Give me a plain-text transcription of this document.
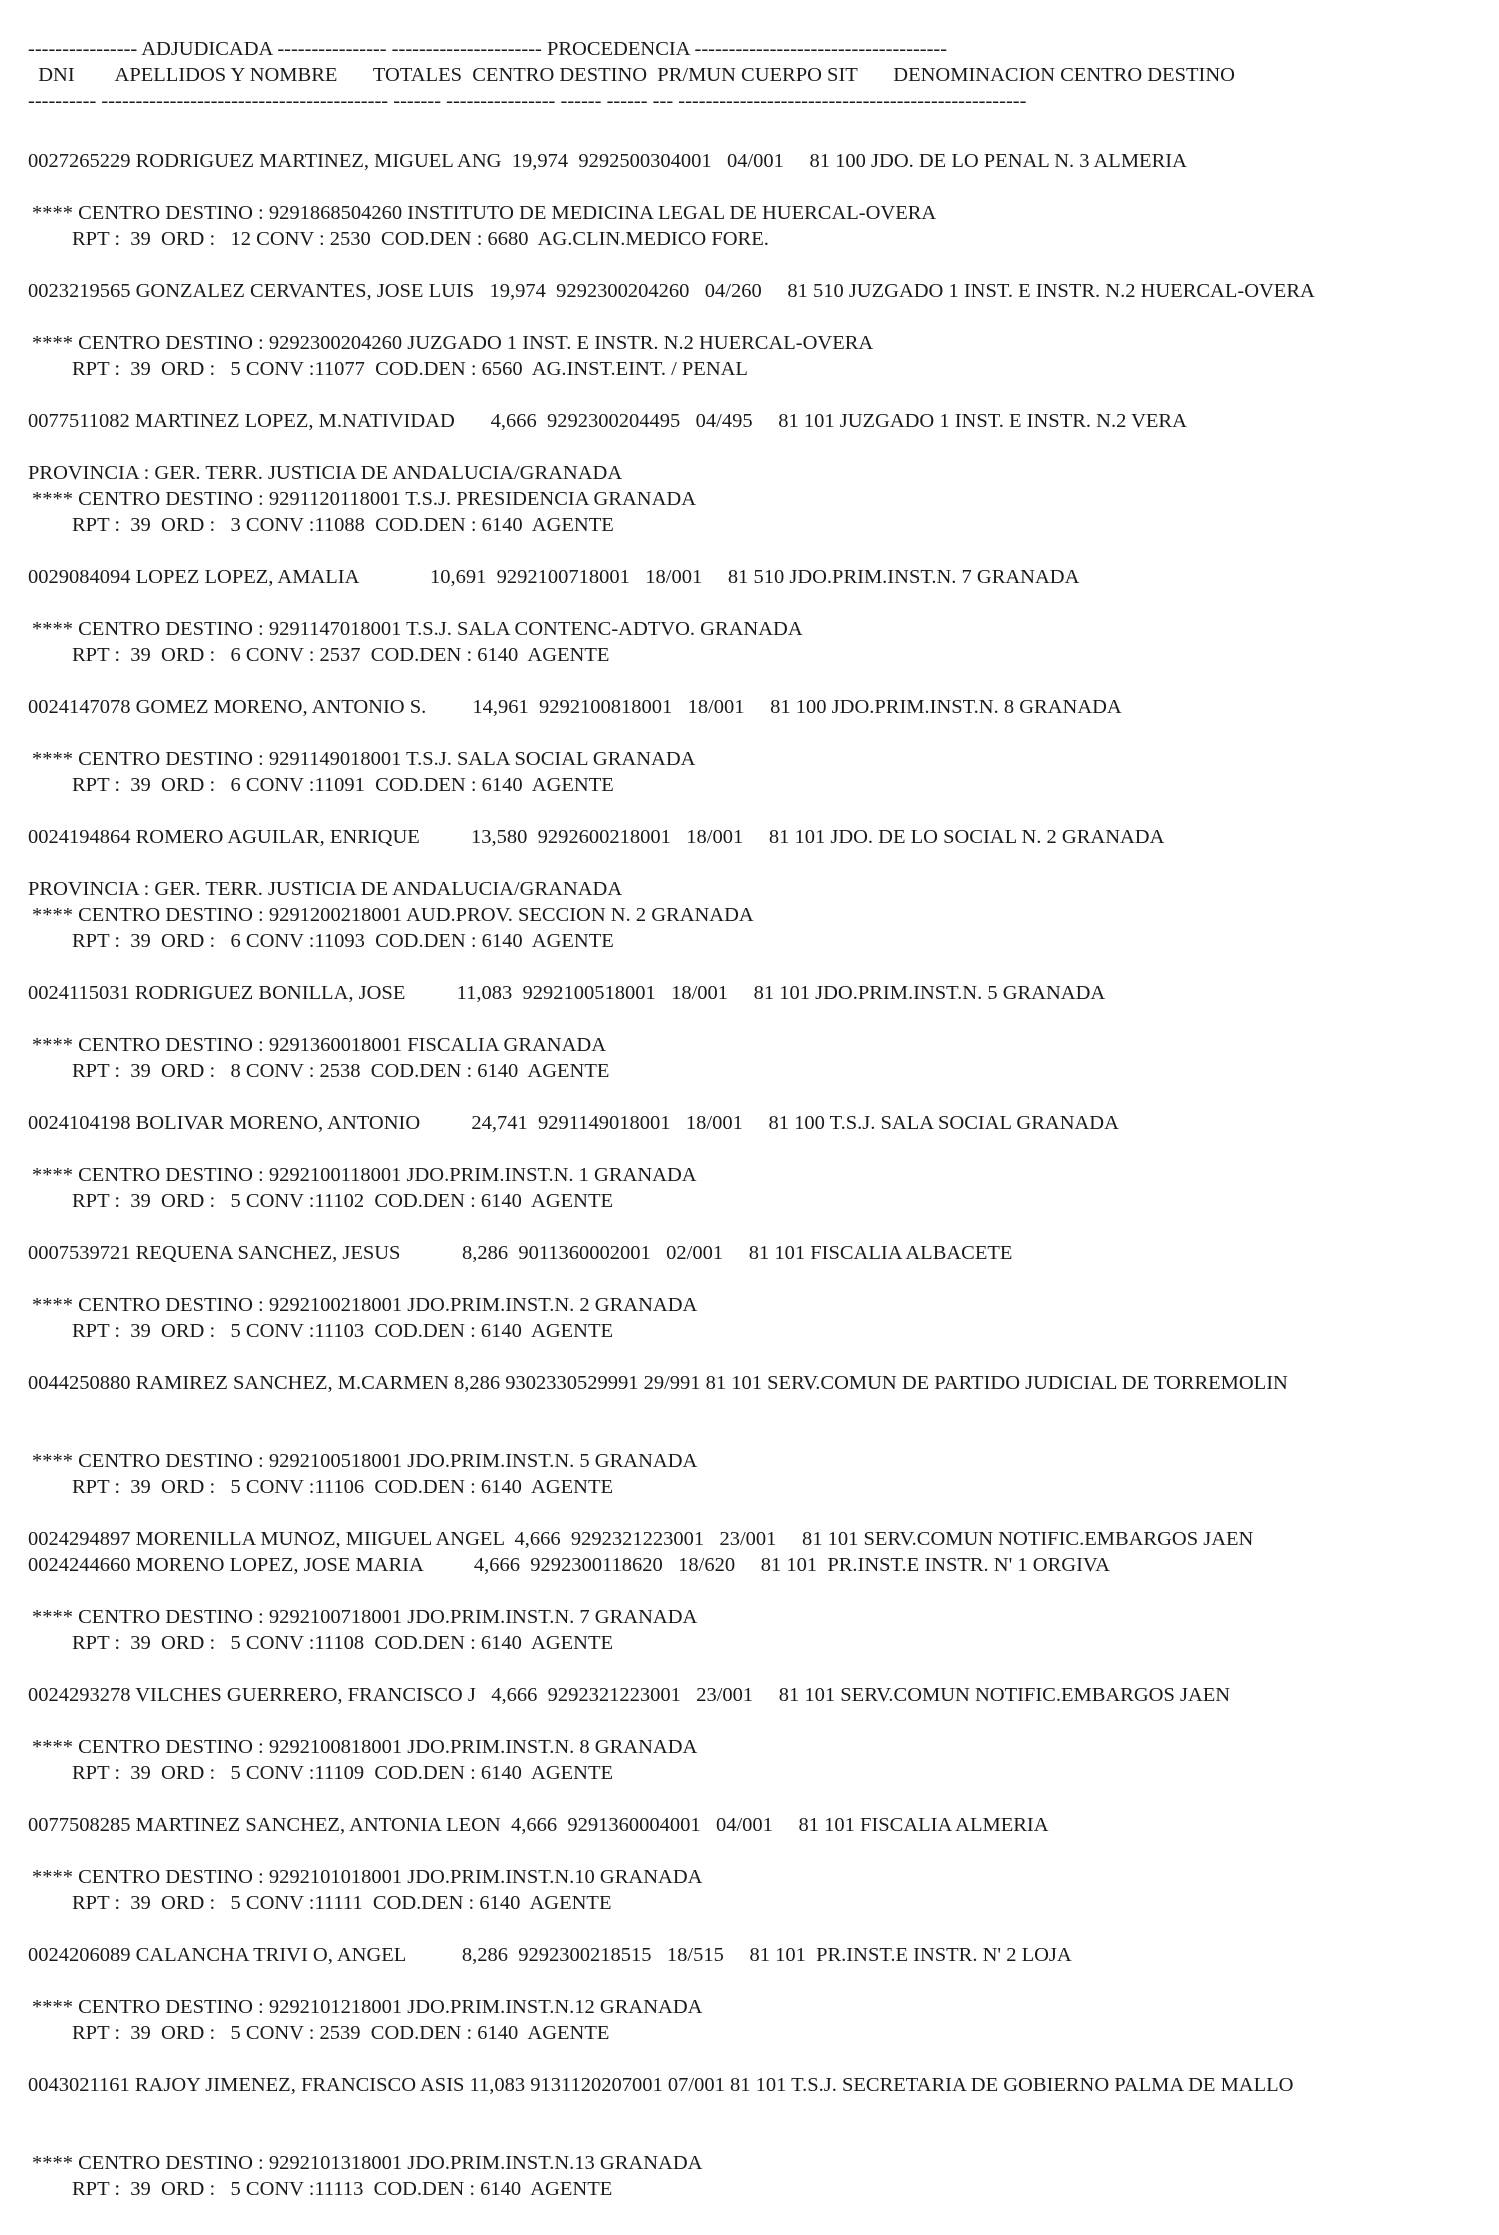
---------------- ADJUDICADA ---------------- ---------------------- PROCEDENCIA -------------------------------------
DNI        APELLIDOS Y NOMBRE       TOTALES  CENTRO DESTINO  PR/MUN CUERPO SIT       DENOMINACION CENTRO DESTINO
---------- ------------------------------------------ ------- ---------------- ------ ------ --- ---------------------------------------------------
0027265229 RODRIGUEZ MARTINEZ, MIGUEL ANG  19,974  9292500304001   04/001     81 100 JDO. DE LO PENAL N. 3 ALMERIA
**** CENTRO DESTINO : 9291868504260 INSTITUTO DE MEDICINA LEGAL DE HUERCAL-OVERA
RPT :  39  ORD :   12 CONV : 2530  COD.DEN : 6680  AG.CLIN.MEDICO FORE.
0023219565 GONZALEZ CERVANTES, JOSE LUIS   19,974  9292300204260   04/260     81 510 JUZGADO 1 INST. E INSTR. N.2 HUERCAL-OVERA
**** CENTRO DESTINO : 9292300204260 JUZGADO 1 INST. E INSTR. N.2 HUERCAL-OVERA
RPT :  39  ORD :   5 CONV :11077  COD.DEN : 6560  AG.INST.EINT. / PENAL
0077511082 MARTINEZ LOPEZ, M.NATIVIDAD       4,666  9292300204495   04/495     81 101 JUZGADO 1 INST. E INSTR. N.2 VERA
PROVINCIA : GER. TERR. JUSTICIA DE ANDALUCIA/GRANADA
**** CENTRO DESTINO : 9291120118001 T.S.J. PRESIDENCIA GRANADA
RPT :  39  ORD :   3 CONV :11088  COD.DEN : 6140  AGENTE
0029084094 LOPEZ LOPEZ, AMALIA              10,691  9292100718001   18/001     81 510 JDO.PRIM.INST.N. 7 GRANADA
**** CENTRO DESTINO : 9291147018001 T.S.J. SALA CONTENC-ADTVO. GRANADA
RPT :  39  ORD :   6 CONV : 2537  COD.DEN : 6140  AGENTE
0024147078 GOMEZ MORENO, ANTONIO S.         14,961  9292100818001   18/001     81 100 JDO.PRIM.INST.N. 8 GRANADA
**** CENTRO DESTINO : 9291149018001 T.S.J. SALA SOCIAL GRANADA
RPT :  39  ORD :   6 CONV :11091  COD.DEN : 6140  AGENTE
0024194864 ROMERO AGUILAR, ENRIQUE          13,580  9292600218001   18/001     81 101 JDO. DE LO SOCIAL N. 2 GRANADA
PROVINCIA : GER. TERR. JUSTICIA DE ANDALUCIA/GRANADA
**** CENTRO DESTINO : 9291200218001 AUD.PROV. SECCION N. 2 GRANADA
RPT :  39  ORD :   6 CONV :11093  COD.DEN : 6140  AGENTE
0024115031 RODRIGUEZ BONILLA, JOSE          11,083  9292100518001   18/001     81 101 JDO.PRIM.INST.N. 5 GRANADA
**** CENTRO DESTINO : 9291360018001 FISCALIA GRANADA
RPT :  39  ORD :   8 CONV : 2538  COD.DEN : 6140  AGENTE
0024104198 BOLIVAR MORENO, ANTONIO          24,741  9291149018001   18/001     81 100 T.S.J. SALA SOCIAL GRANADA
**** CENTRO DESTINO : 9292100118001 JDO.PRIM.INST.N. 1 GRANADA
RPT :  39  ORD :   5 CONV :11102  COD.DEN : 6140  AGENTE
0007539721 REQUENA SANCHEZ, JESUS            8,286  9011360002001   02/001     81 101 FISCALIA ALBACETE
**** CENTRO DESTINO : 9292100218001 JDO.PRIM.INST.N. 2 GRANADA
RPT :  39  ORD :   5 CONV :11103  COD.DEN : 6140  AGENTE
0044250880 RAMIREZ SANCHEZ, M.CARMEN 8,286 9302330529991 29/991 81 101 SERV.COMUN DE PARTIDO JUDICIAL DE TORREMOLIN
**** CENTRO DESTINO : 9292100518001 JDO.PRIM.INST.N. 5 GRANADA
RPT :  39  ORD :   5 CONV :11106  COD.DEN : 6140  AGENTE
0024294897 MORENILLA MUNOZ, MIIGUEL ANGEL  4,666  9292321223001   23/001     81 101 SERV.COMUN NOTIFIC.EMBARGOS JAEN
0024244660 MORENO LOPEZ, JOSE MARIA          4,666  9292300118620   18/620     81 101  PR.INST.E INSTR. N' 1 ORGIVA
**** CENTRO DESTINO : 9292100718001 JDO.PRIM.INST.N. 7 GRANADA
RPT :  39  ORD :   5 CONV :11108  COD.DEN : 6140  AGENTE
0024293278 VILCHES GUERRERO, FRANCISCO J   4,666  9292321223001   23/001     81 101 SERV.COMUN NOTIFIC.EMBARGOS JAEN
**** CENTRO DESTINO : 9292100818001 JDO.PRIM.INST.N. 8 GRANADA
RPT :  39  ORD :   5 CONV :11109  COD.DEN : 6140  AGENTE
0077508285 MARTINEZ SANCHEZ, ANTONIA LEON  4,666  9291360004001   04/001     81 101 FISCALIA ALMERIA
**** CENTRO DESTINO : 9292101018001 JDO.PRIM.INST.N.10 GRANADA
RPT :  39  ORD :   5 CONV :11111  COD.DEN : 6140  AGENTE
0024206089 CALANCHA TRIVI O, ANGEL           8,286  9292300218515   18/515     81 101  PR.INST.E INSTR. N' 2 LOJA
**** CENTRO DESTINO : 9292101218001 JDO.PRIM.INST.N.12 GRANADA
RPT :  39  ORD :   5 CONV : 2539  COD.DEN : 6140  AGENTE
0043021161 RAJOY JIMENEZ, FRANCISCO ASIS 11,083 9131120207001 07/001 81 101 T.S.J. SECRETARIA DE GOBIERNO PALMA DE MALLO
**** CENTRO DESTINO : 9292101318001 JDO.PRIM.INST.N.13 GRANADA
RPT :  39  ORD :   5 CONV :11113  COD.DEN : 6140  AGENTE
